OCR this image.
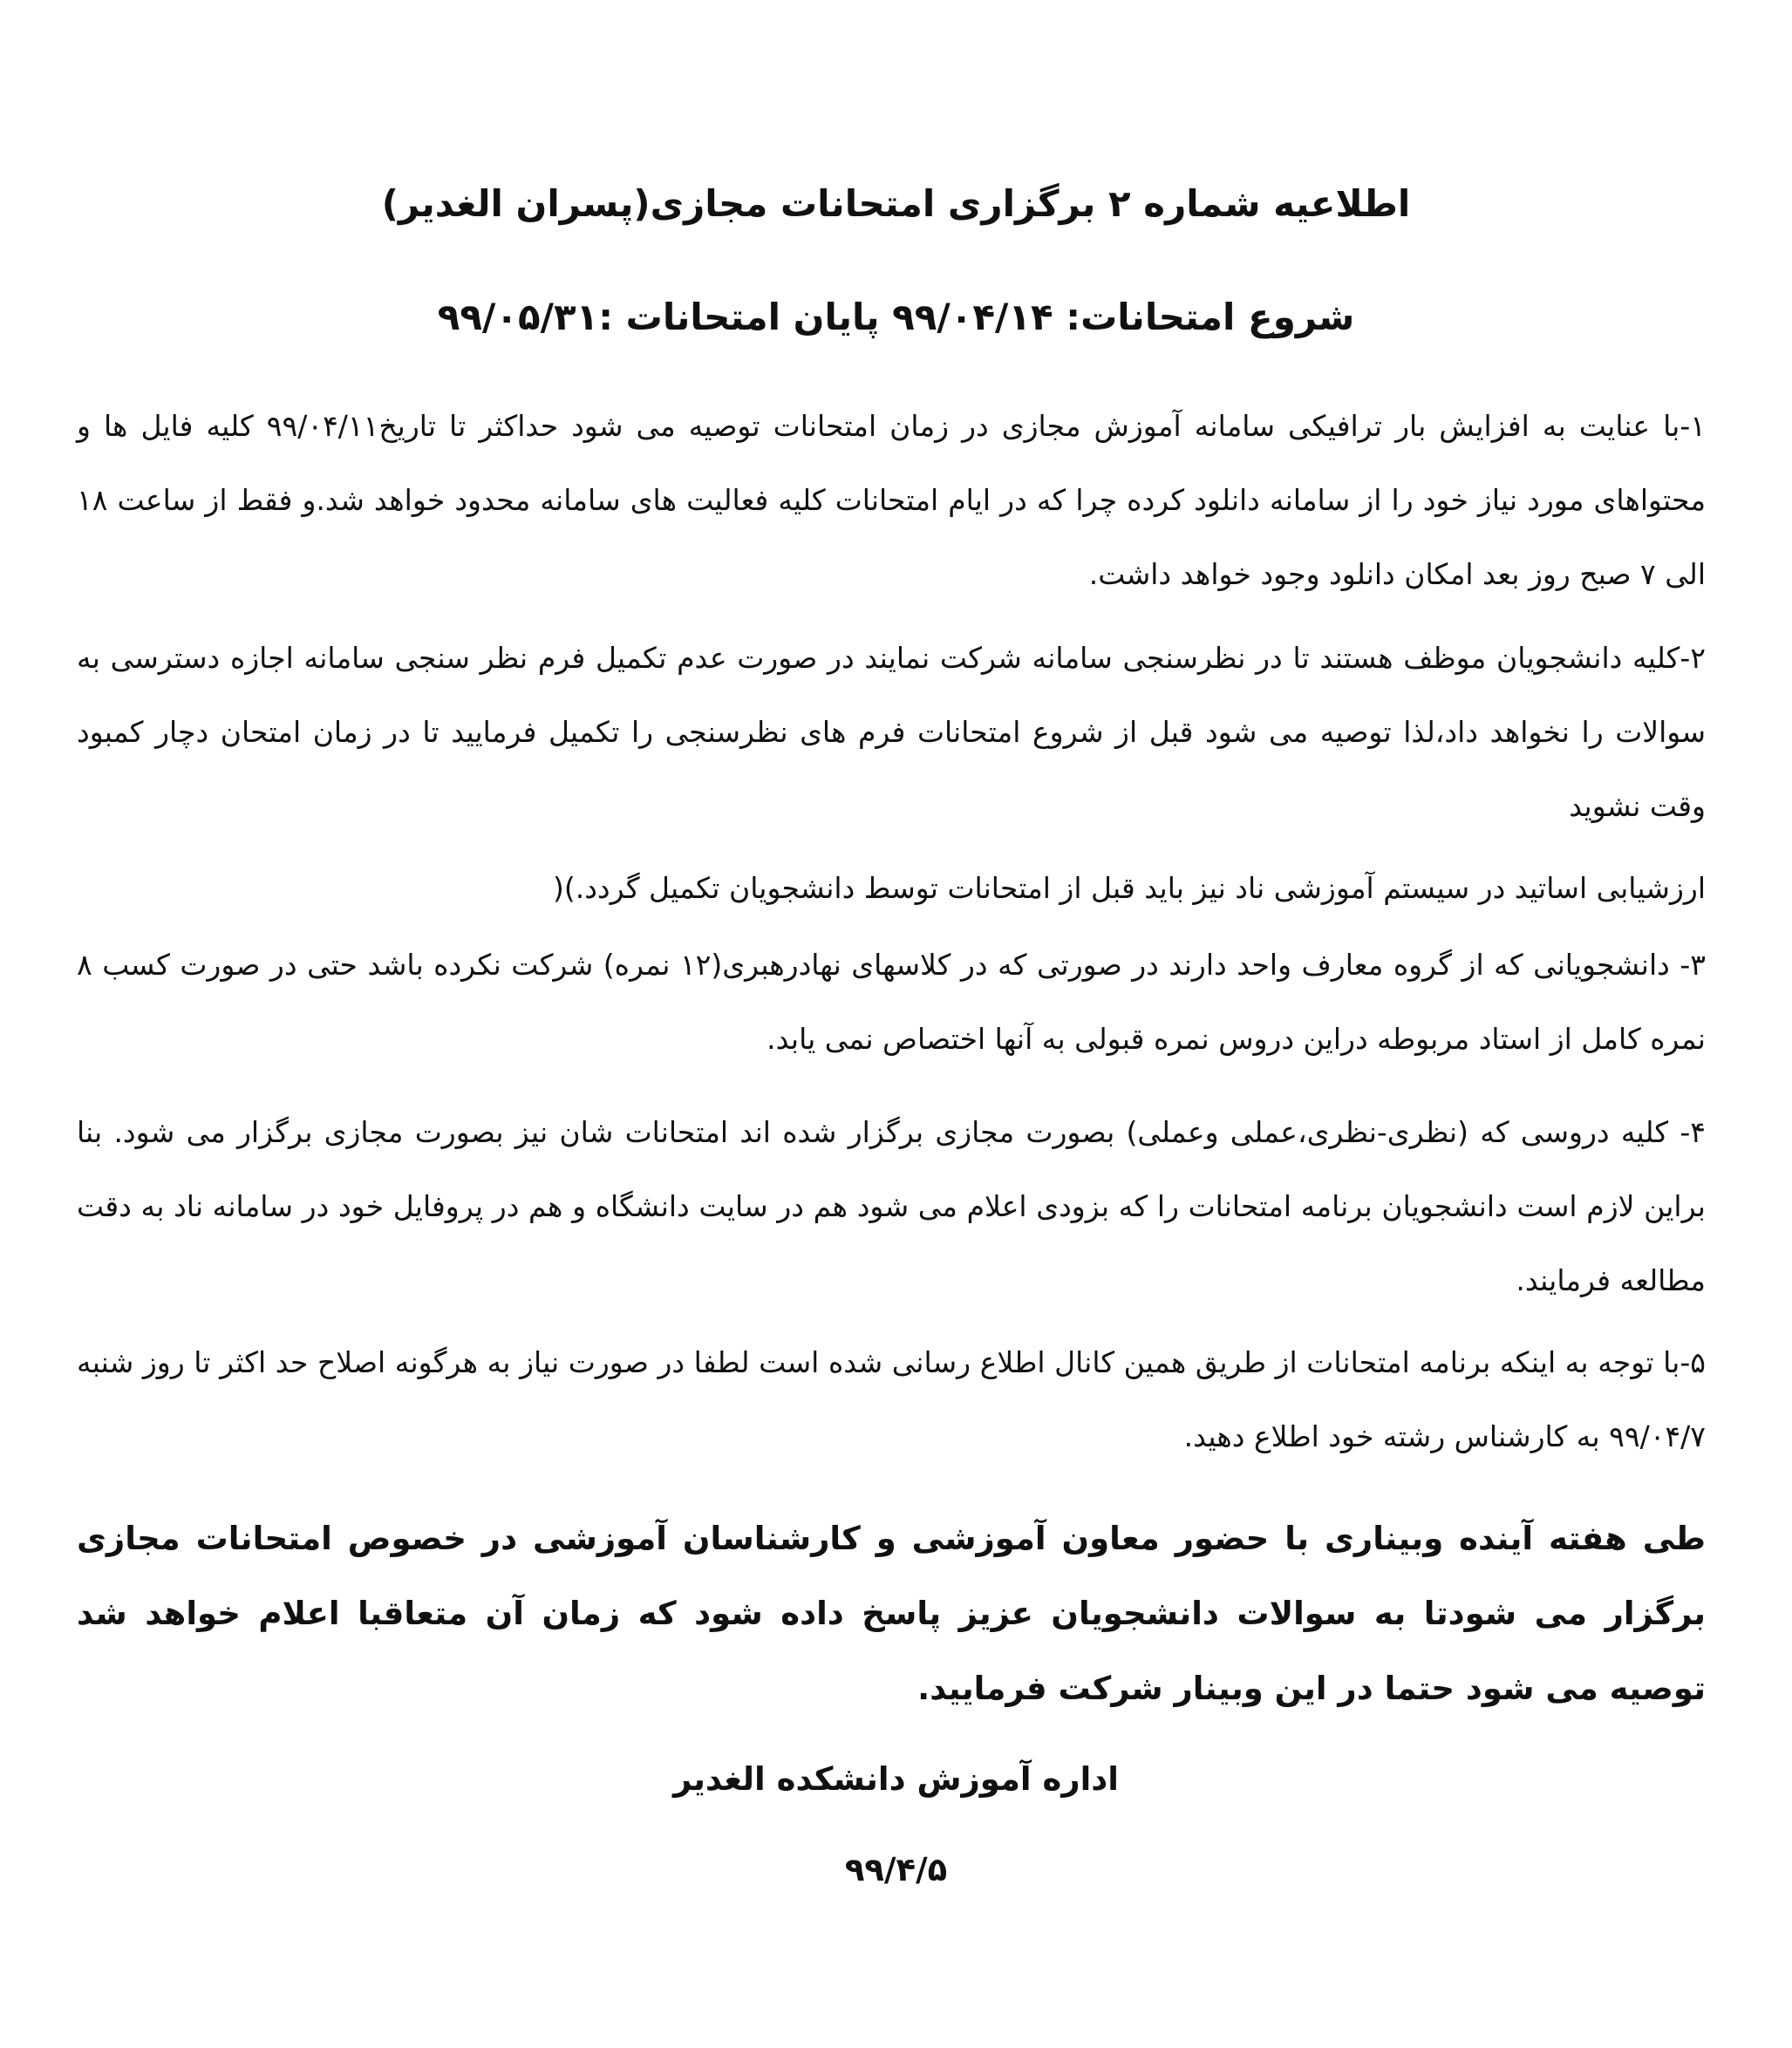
اطلاعیه شماره ۲ برگزاری امتحانات مجازی(پسران الغدیر)
شروع امتحانات: ۹۹/۰۴/۱۴ پایان امتحانات :۹۹/۰۵/۳۱
۱-با عنایت به افزایش بار ترافیکی سامانه آموزش مجازی در زمان امتحانات توصیه می شود حداکثر تا تاریخ۹۹/۰۴/۱۱ کلیه فایل ها و محتواهای مورد نیاز خود را از سامانه دانلود کرده چرا که در ایام امتحانات کلیه فعالیت های سامانه محدود خواهد شد.و فقط از ساعت ۱۸ الی ۷ صبح روز بعد امکان دانلود وجود خواهد داشت.
۲-کلیه دانشجویان موظف هستند تا در نظرسنجی سامانه شرکت نمایند در صورت عدم تکمیل فرم نظر سنجی سامانه اجازه دسترسی به سوالات را نخواهد داد،لذا توصیه می شود قبل از شروع امتحانات فرم های نظرسنجی را تکمیل فرمایید تا در زمان امتحان دچار کمبود وقت نشوید
ارزشیابی اساتید در سیستم آموزشی ناد نیز باید قبل از امتحانات توسط دانشجویان تکمیل گردد.)(
۳- دانشجویانی که از گروه معارف واحد دارند در صورتی که در کلاسهای نهادرهبری(۱۲ نمره) شرکت نکرده باشد حتی در صورت کسب ۸ نمره کامل از استاد مربوطه دراین دروس نمره قبولی به آنها اختصاص نمی یابد.
۴- کلیه دروسی که (نظری-نظری،عملی وعملی) بصورت مجازی برگزار شده اند امتحانات شان نیز بصورت مجازی برگزار می شود. بنا براین لازم است دانشجویان برنامه امتحانات را که بزودی اعلام می شود هم در سایت دانشگاه و هم در پروفایل خود در سامانه ناد به دقت مطالعه فرمایند.
۵-با توجه به اینکه برنامه امتحانات از طریق همین کانال اطلاع رسانی شده است لطفا در صورت نیاز به هرگونه اصلاح حد اکثر تا روز شنبه ۹۹/۰۴/۷ به کارشناس رشته خود اطلاع دهید.
طی هفته آینده وبیناری با حضور معاون آموزشی و کارشناسان آموزشی در خصوص امتحانات مجازی برگزار می شودتا به سوالات دانشجویان عزیز پاسخ داده شود که زمان آن متعاقبا اعلام خواهد شد توصیه می شود حتما در این وبینار شرکت فرمایید.
اداره آموزش دانشکده الغدیر
۹۹/۴/۵
